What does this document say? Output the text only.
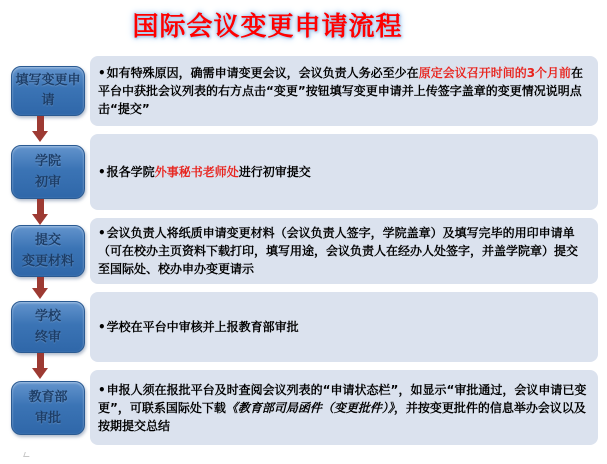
国际会议变更申请流程
填写变更申
请
•如有特殊原因，确需申请变更会议，会议负责人务必至少在原定会议召开时间的3个月前在平台中获批会议列表的右方点击“变更”按钮填写变更申请并上传签字盖章的变更情况说明点击“提交”
学院
初审
•报各学院外事秘书老师处进行初审提交
提交
变更材料
•会议负责人将纸质申请变更材料（会议负责人签字，学院盖章）及填写完毕的用印申请单（可在校办主页资料下载打印，填写用途，会议负责人在经办人处签字，并盖学院章）提交至国际处、校办申办变更请示
学校
终审
•学校在平台中审核并上报教育部审批
教育部
审批
•申报人须在报批平台及时查阅会议列表的“申请状态栏”，如显示“审批通过，会议申请已变更”，可联系国际处下载《教育部司局函件（变更批件）》，并按变更批件的信息举办会议以及按期提交总结
